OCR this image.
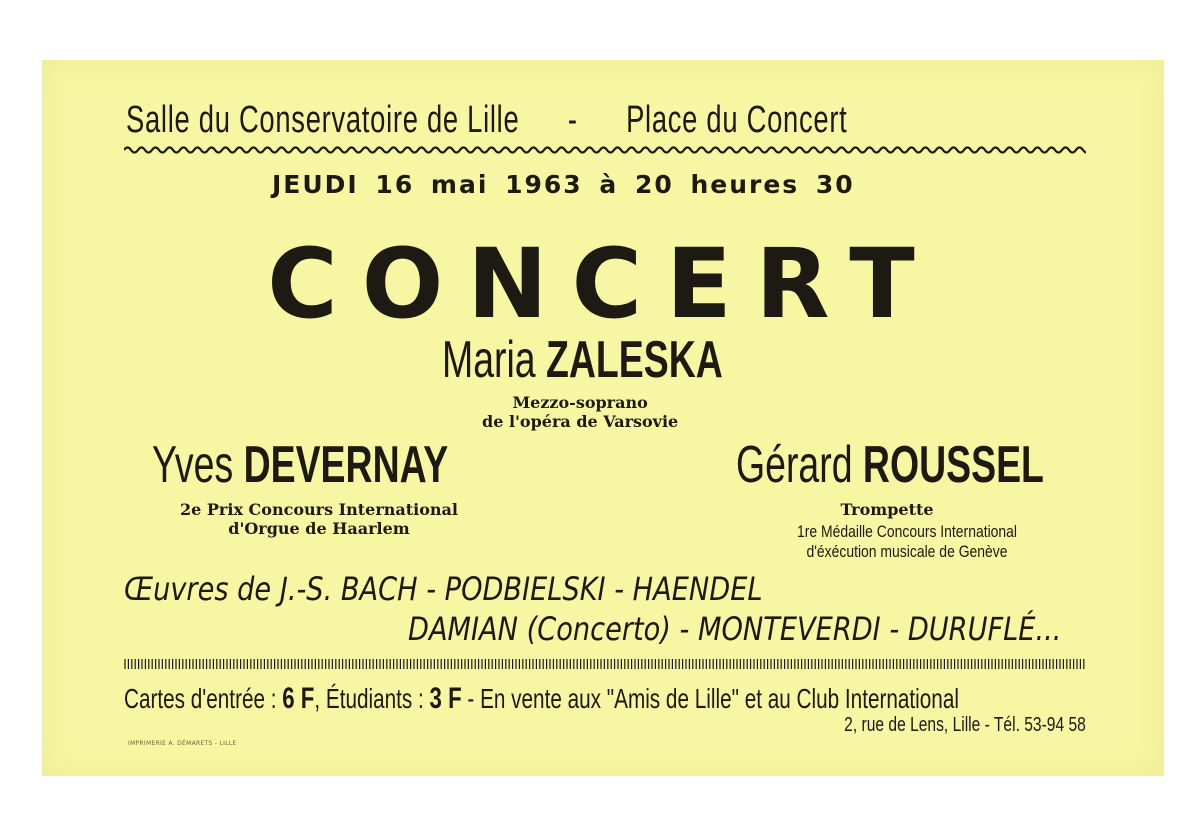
Salle du Conservatoire de Lille - Place du Concert
JEUDI 16 mai 1963 à 20 heures 30
CONCERT
Maria ZALESKA
Mezzo-soprano
de l'opéra de Varsovie
Yves DEVERNAY
2e Prix Concours International
d'Orgue de Haarlem
Gérard ROUSSEL
Trompette
1re Médaille Concours International
d'éxécution musicale de Genève
Œuvres de J.-S. BACH - PODBIELSKI - HAENDEL
DAMIAN (Concerto) - MONTEVERDI - DURUFLÉ...
Cartes d'entrée : 6 F, Étudiants : 3 F - En vente aux "Amis de Lille" et au Club International
2, rue de Lens, Lille - Tél. 53-94 58
IMPRIMERIE A. DÉMARETS - LILLE
